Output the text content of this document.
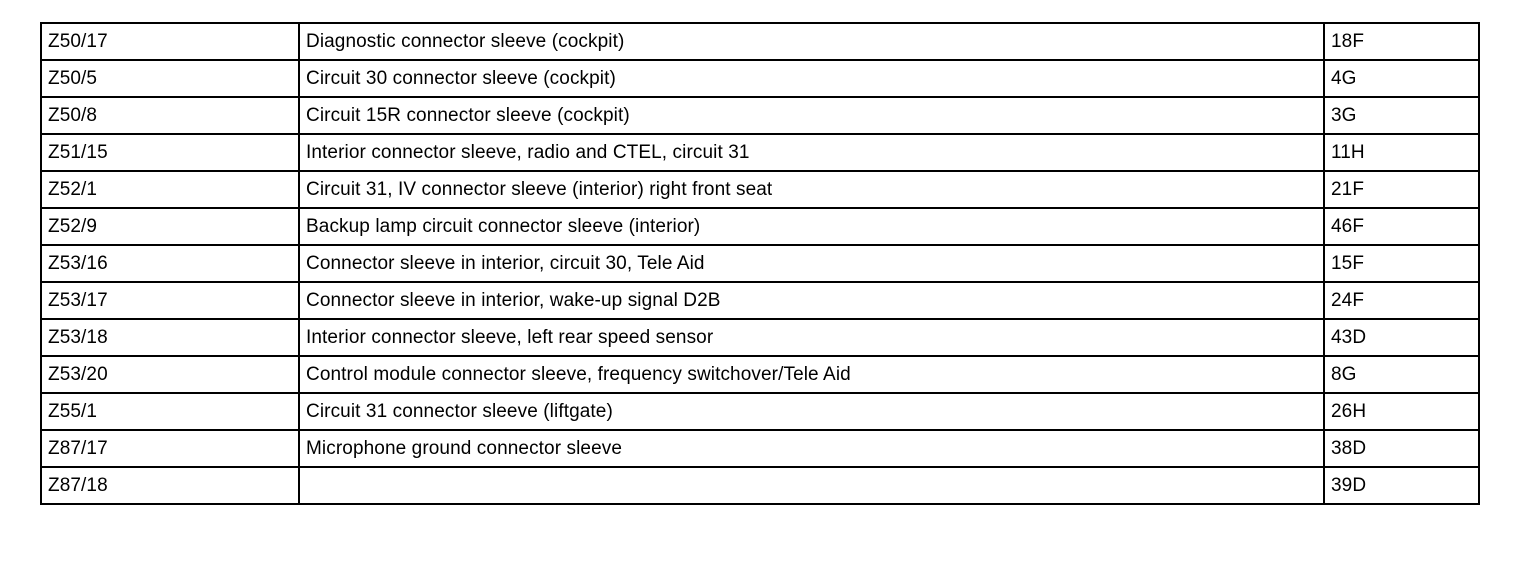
Z50/17	Diagnostic connector sleeve (cockpit)	18F
Z50/5	Circuit 30 connector sleeve (cockpit)	4G
Z50/8	Circuit 15R connector sleeve (cockpit)	3G
Z51/15	Interior connector sleeve, radio and CTEL, circuit 31	11H
Z52/1	Circuit 31, IV connector sleeve (interior) right front seat	21F
Z52/9	Backup lamp circuit connector sleeve (interior)	46F
Z53/16	Connector sleeve in interior, circuit 30, Tele Aid	15F
Z53/17	Connector sleeve in interior, wake-up signal D2B	24F
Z53/18	Interior connector sleeve, left rear speed sensor	43D
Z53/20	Control module connector sleeve, frequency switchover/Tele Aid	8G
Z55/1	Circuit 31 connector sleeve (liftgate)	26H
Z87/17	Microphone ground connector sleeve	38D
Z87/18		39D
